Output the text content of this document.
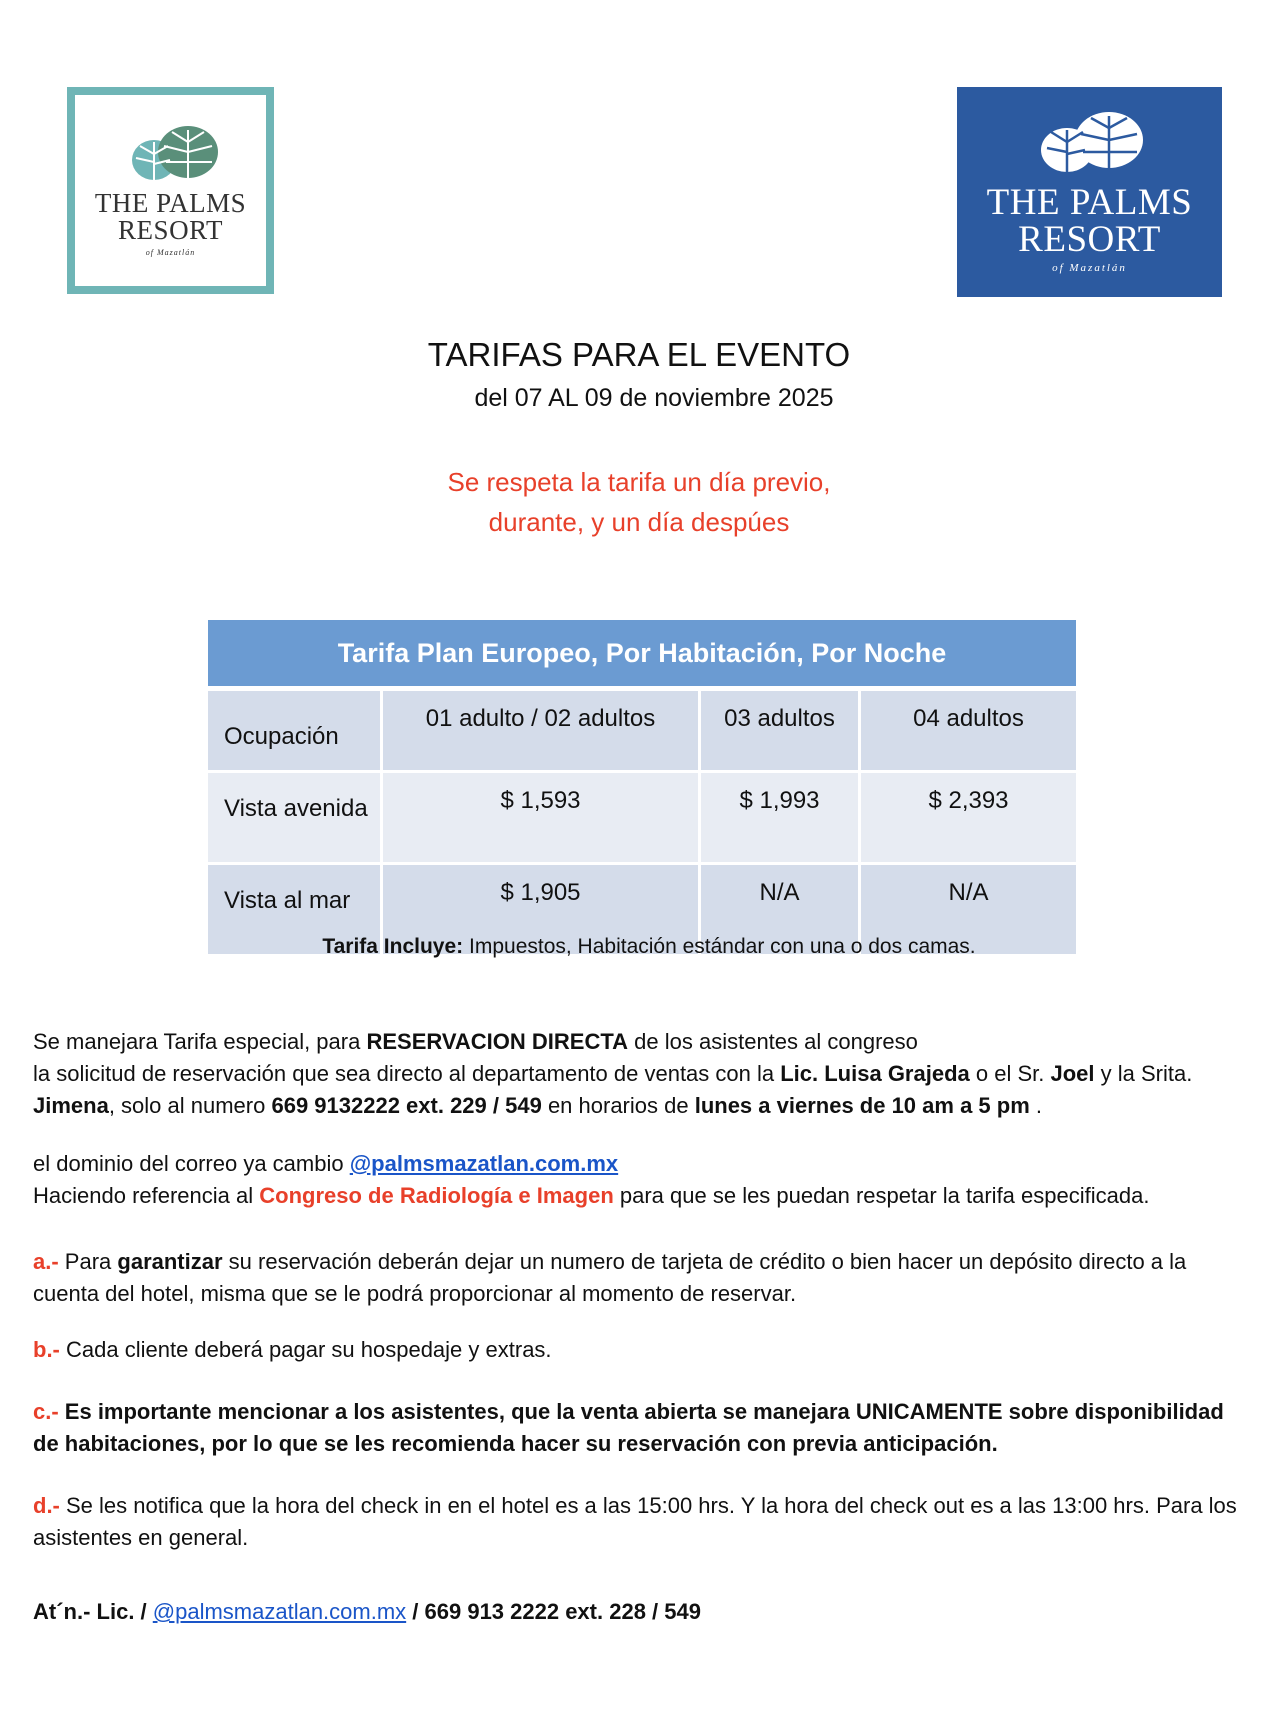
THE PALMS
RESORT
of Mazatlán
THE PALMS
RESORT
of Mazatlán
TARIFAS PARA EL EVENTO
del 07 AL 09 de noviembre 2025
Se respeta la tarifa un día previo,
durante, y un día despúes
Tarifa Plan Europeo, Por Habitación, Por Noche			
Ocupación	01 adulto / 02 adultos	03 adultos	04 adultos
Vista avenida	$ 1,593	$ 1,993	$ 2,393
Vista al mar	$ 1,905	N/A	N/A
Tarifa Incluye: Impuestos, Habitación estándar con una o dos camas.
Se manejara Tarifa especial, para RESERVACION DIRECTA de los asistentes al congreso
la solicitud de reservación que sea directo al departamento de ventas con la Lic. Luisa Grajeda o el Sr. Joel y la Srita. Jimena, solo al numero 669 9132222 ext. 229 / 549 en horarios de lunes a viernes de 10 am a 5 pm .
el dominio del correo ya cambio @palmsmazatlan.com.mx
Haciendo referencia al Congreso de Radiología e Imagen para que se les puedan respetar la tarifa especificada.
a.- Para garantizar su reservación deberán dejar un numero de tarjeta de crédito o bien hacer un depósito directo a la cuenta del hotel, misma que se le podrá proporcionar al momento de reservar.
b.- Cada cliente deberá pagar su hospedaje y extras.
c.- Es importante mencionar a los asistentes, que la venta abierta se manejara UNICAMENTE sobre disponibilidad de habitaciones, por lo que se les recomienda hacer su reservación con previa anticipación.
d.- Se les notifica que la hora del check in en el hotel es a las 15:00 hrs. Y la hora del check out es a las 13:00 hrs. Para los asistentes en general.
At´n.- Lic. / @palmsmazatlan.com.mx / 669 913 2222 ext. 228 / 549
